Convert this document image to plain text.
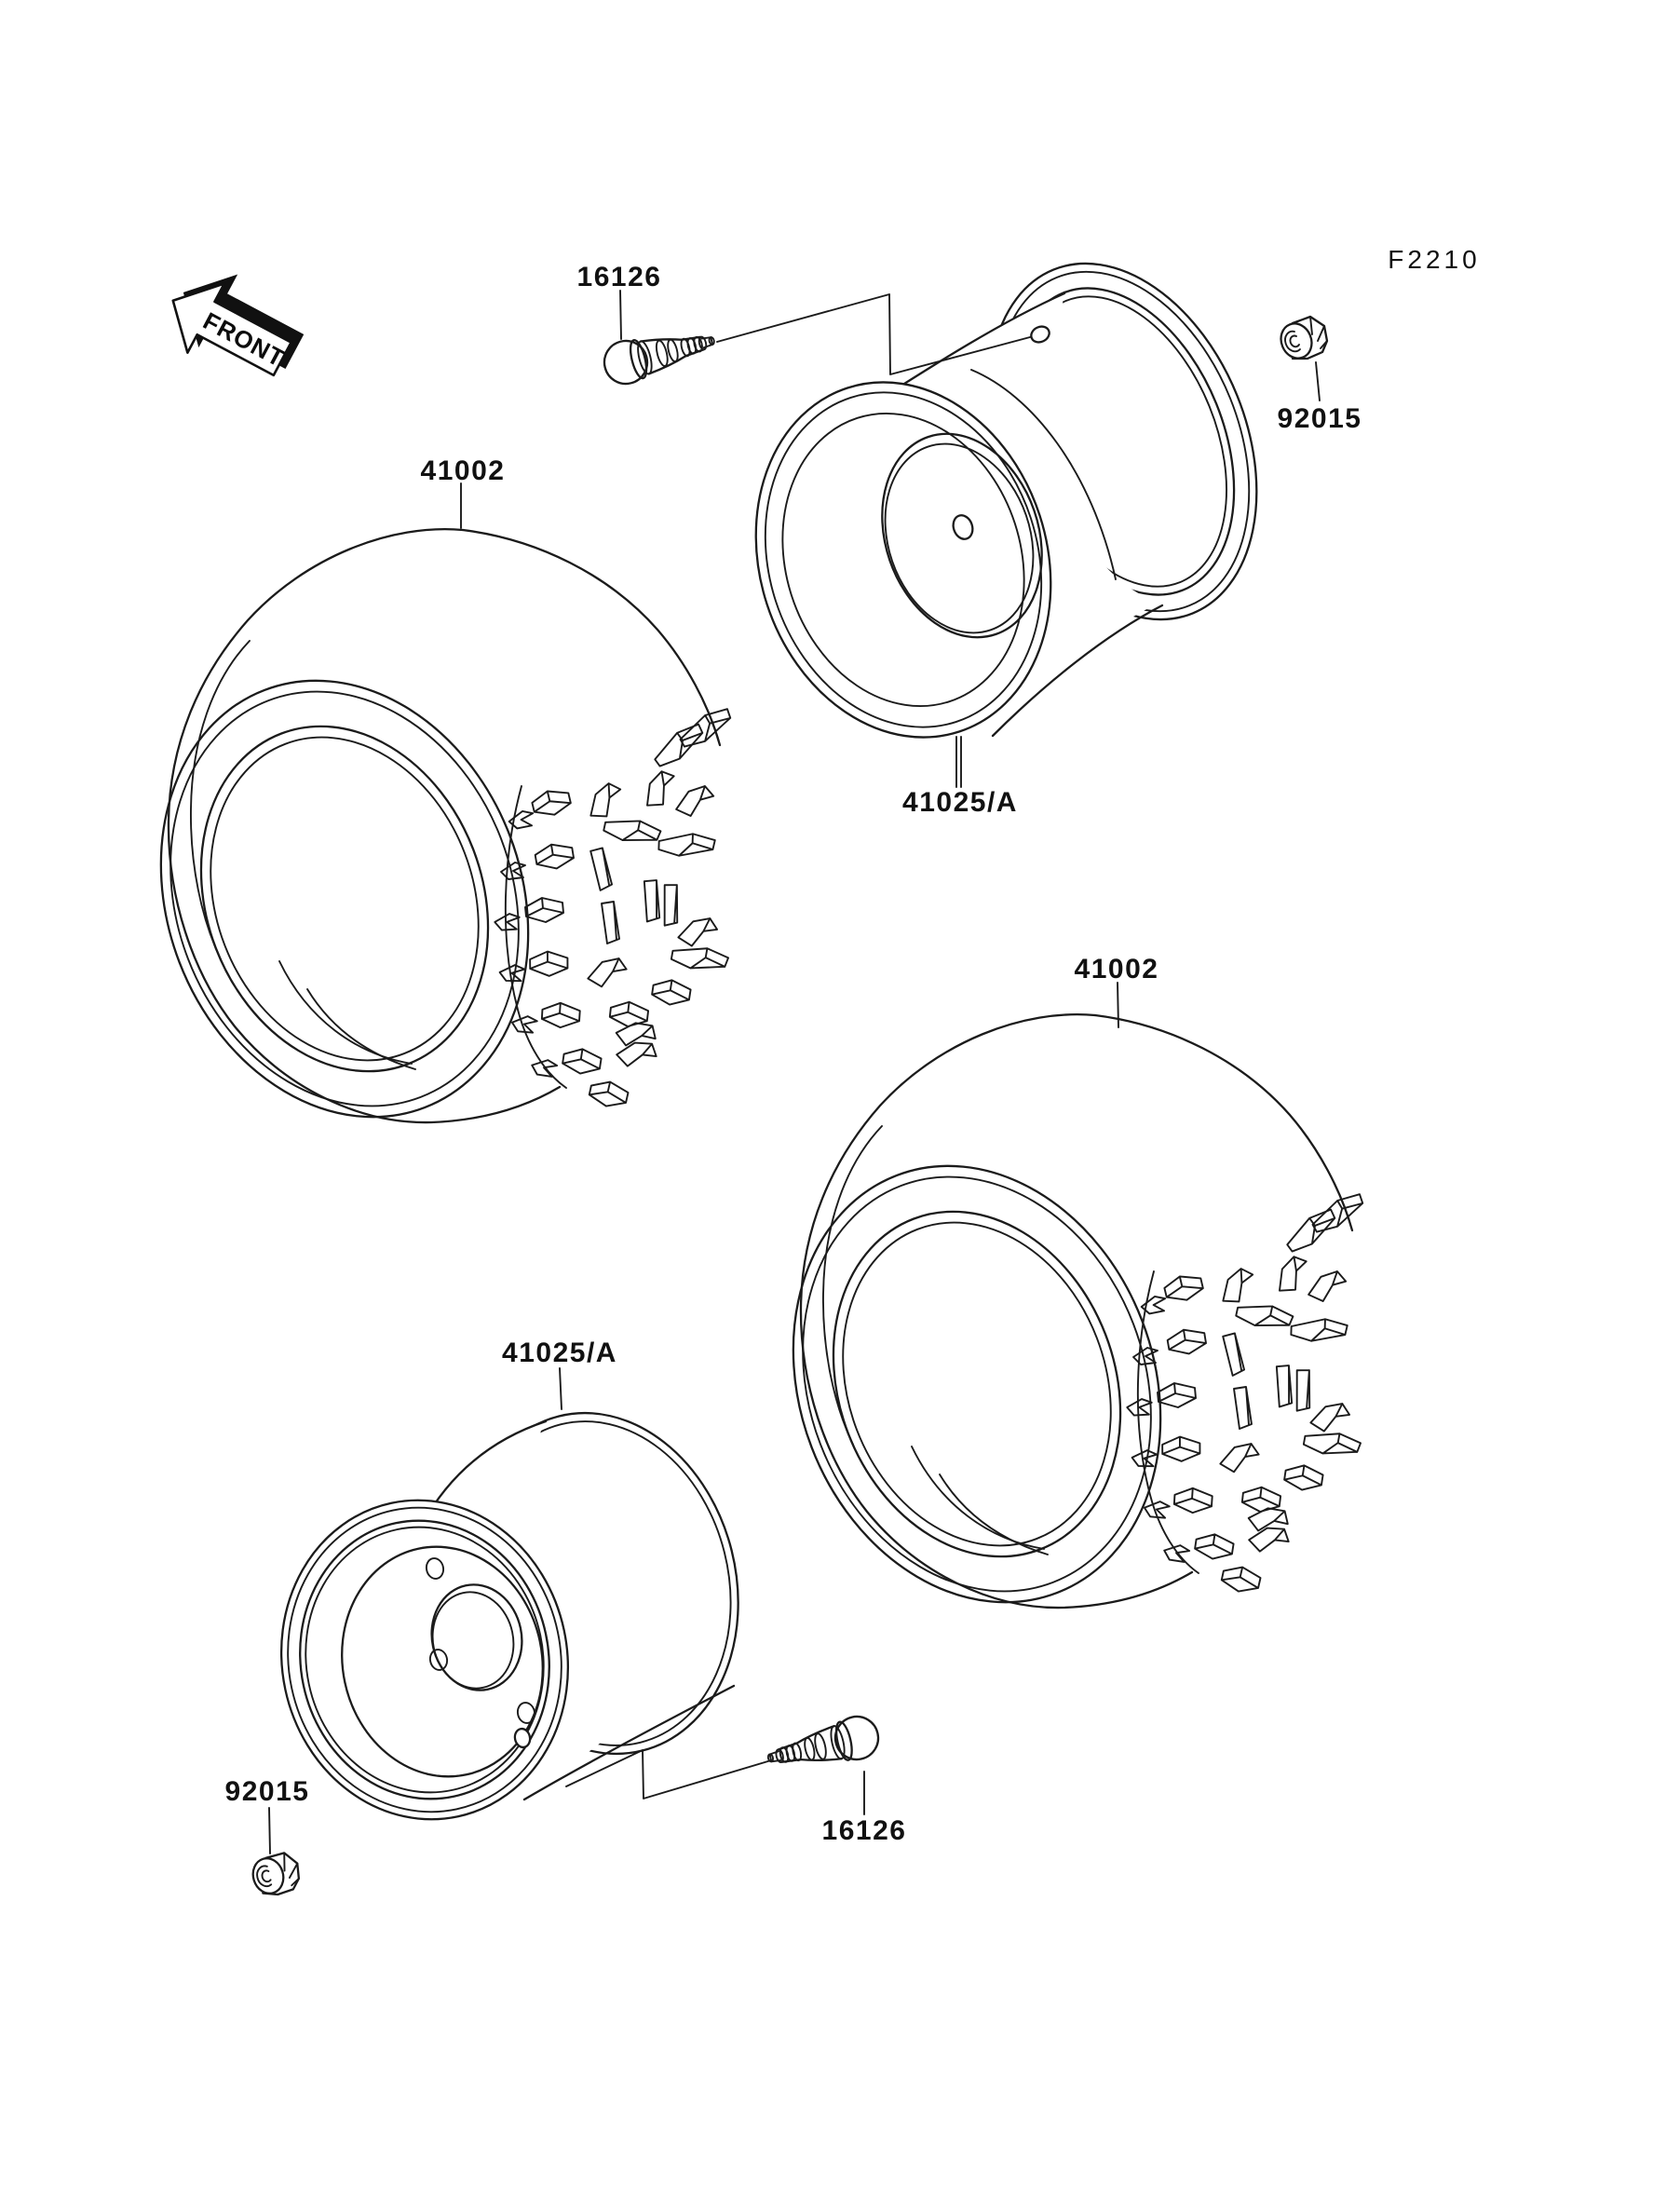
FRONT
16126
F2210
92015
41002
41025/A
41002
41025/A
92015
16126
